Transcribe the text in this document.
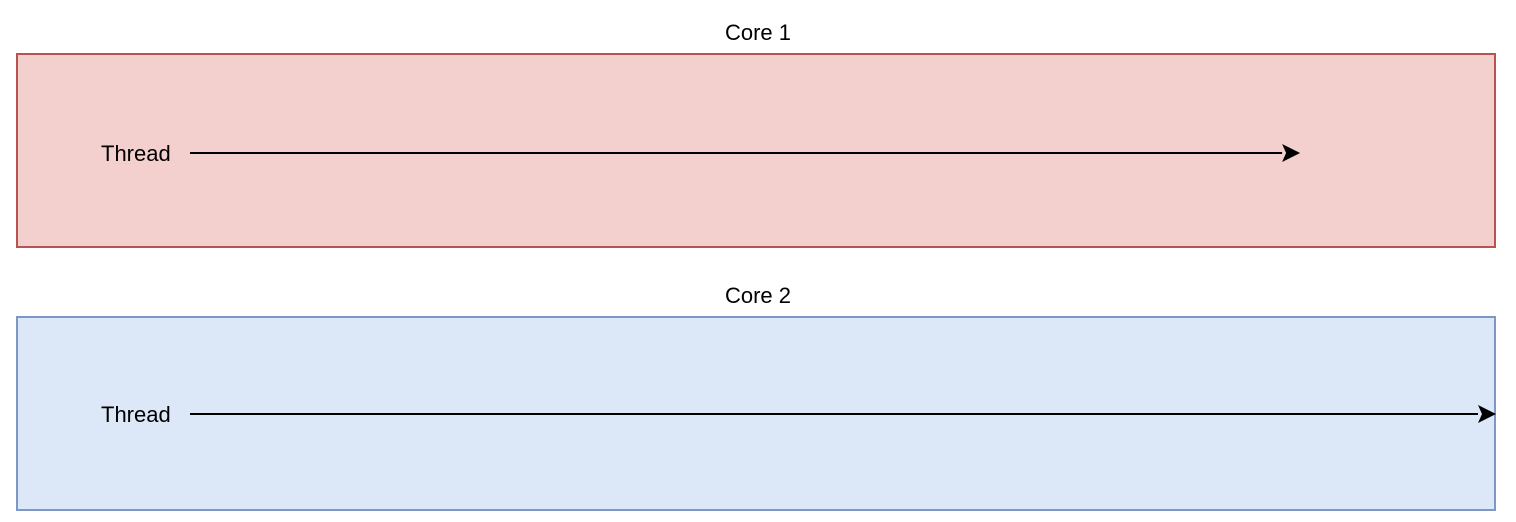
Core 1
Thread
Core 2
Thread
